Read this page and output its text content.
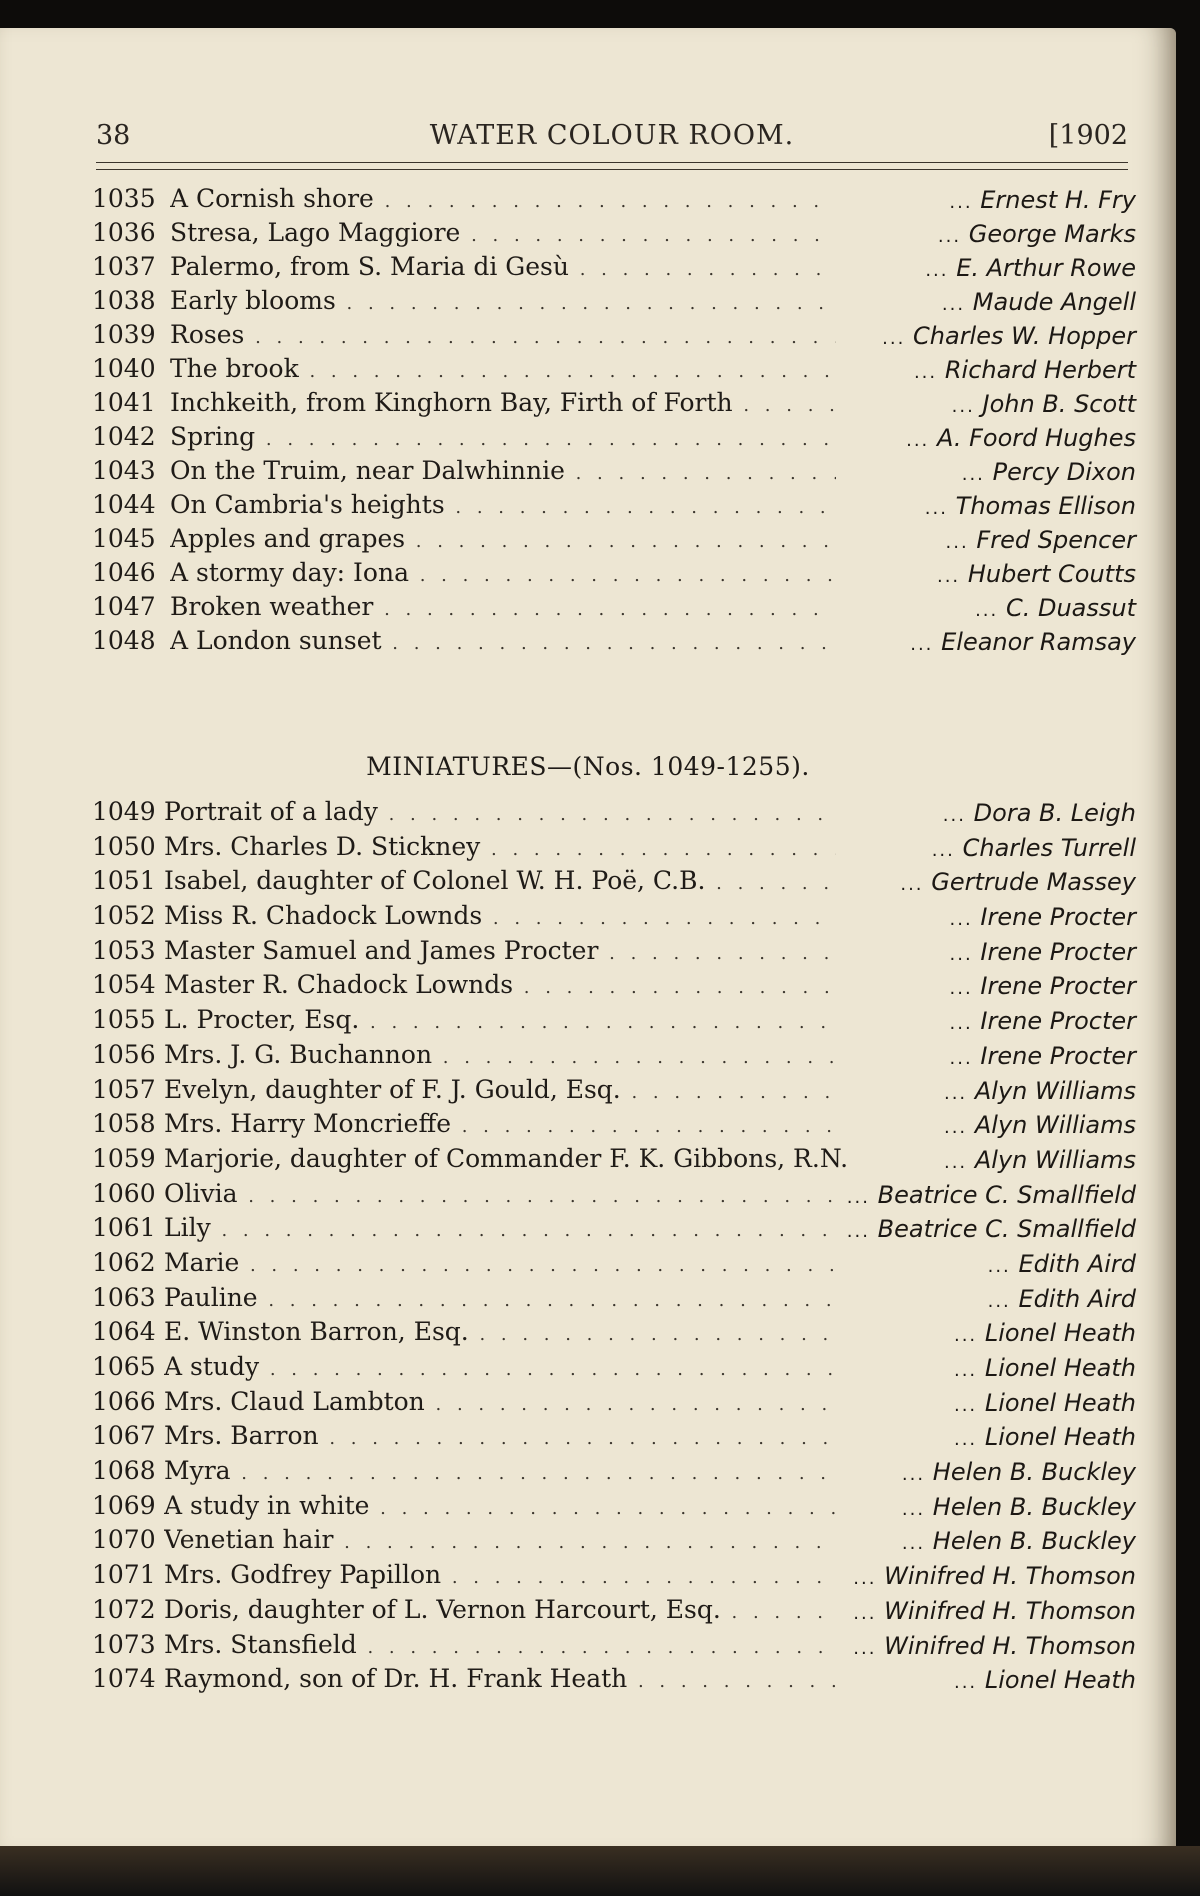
38	WATER COLOUR ROOM.	[1902
1035 A Cornish shore . . .	... Ernest H. Fry
1036 Stresa, Lago Maggiore . . .	... George Marks
1037 Palermo, from S. Maria di Gesù . . .	... E. Arthur Rowe
1038 Early blooms . . .	... Maude Angell
1039 Roses . . .	... Charles W. Hopper
1040 The brook . . .	... Richard Herbert
1041 Inchkeith, from Kinghorn Bay, Firth of Forth . . .	... John B. Scott
1042 Spring . . .	... A. Foord Hughes
1043 On the Truim, near Dalwhinnie . . .	... Percy Dixon
1044 On Cambria's heights . . .	... Thomas Ellison
1045 Apples and grapes . . .	... Fred Spencer
1046 A stormy day: Iona . . .	... Hubert Coutts
1047 Broken weather . . .	... C. Duassut
1048 A London sunset . . .	... Eleanor Ramsay
MINIATURES—(Nos. 1049-1255).
1049 Portrait of a lady . . .	... Dora B. Leigh
1050 Mrs. Charles D. Stickney . . .	... Charles Turrell
1051 Isabel, daughter of Colonel W. H. Poë, C.B. . . .	... Gertrude Massey
1052 Miss R. Chadock Lownds . . .	... Irene Procter
1053 Master Samuel and James Procter . . .	... Irene Procter
1054 Master R. Chadock Lownds . . .	... Irene Procter
1055 L. Procter, Esq. . . .	... Irene Procter
1056 Mrs. J. G. Buchannon . . .	... Irene Procter
1057 Evelyn, daughter of F. J. Gould, Esq. . . .	... Alyn Williams
1058 Mrs. Harry Moncrieffe . . .	... Alyn Williams
1059 Marjorie, daughter of Commander F. K. Gibbons, R.N.	... Alyn Williams
1060 Olivia . . .	... Beatrice C. Smallfield
1061 Lily . . .	... Beatrice C. Smallfield
1062 Marie . . .	... Edith Aird
1063 Pauline . . .	... Edith Aird
1064 E. Winston Barron, Esq. . . .	... Lionel Heath
1065 A study . . .	... Lionel Heath
1066 Mrs. Claud Lambton . . .	... Lionel Heath
1067 Mrs. Barron . . .	... Lionel Heath
1068 Myra . . .	... Helen B. Buckley
1069 A study in white . . .	... Helen B. Buckley
1070 Venetian hair . . .	... Helen B. Buckley
1071 Mrs. Godfrey Papillon . . .	... Winifred H. Thomson
1072 Doris, daughter of L. Vernon Harcourt, Esq. . . .	... Winifred H. Thomson
1073 Mrs. Stansfield . . .	... Winifred H. Thomson
1074 Raymond, son of Dr. H. Frank Heath . . .	... Lionel Heath
